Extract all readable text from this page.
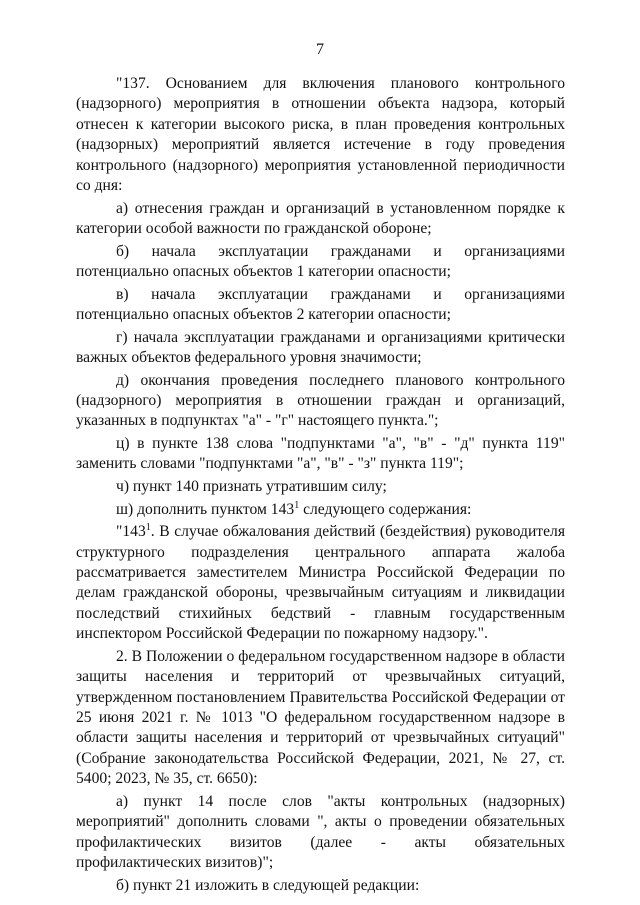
7

"137. Основанием для включения планового контрольного (надзорного) мероприятия в отношении объекта надзора, который отнесен к категории высокого риска, в план проведения контрольных (надзорных) мероприятий является истечение в году проведения контрольного (надзорного) мероприятия установленной периодичности со дня:

а) отнесения граждан и организаций в установленном порядке к категории особой важности по гражданской обороне;

б) начала эксплуатации гражданами и организациями потенциально опасных объектов 1 категории опасности;

в) начала эксплуатации гражданами и организациями потенциально опасных объектов 2 категории опасности;

г) начала эксплуатации гражданами и организациями критически важных объектов федерального уровня значимости;

д) окончания проведения последнего планового контрольного (надзорного) мероприятия в отношении граждан и организаций, указанных в подпунктах "а" - "г" настоящего пункта.";

ц) в пункте 138 слова "подпунктами "а", "в" - "д" пункта 119" заменить словами "подпунктами "а", "в" - "з" пункта 119";

ч) пункт 140 признать утратившим силу;

ш) дополнить пунктом $143^1$ следующего содержания:

"$143^1$. В случае обжалования действий (бездействия) руководителя структурного подразделения центрального аппарата жалоба рассматривается заместителем Министра Российской Федерации по делам гражданской обороны, чрезвычайным ситуациям и ликвидации последствий стихийных бедствий - главным государственным инспектором Российской Федерации по пожарному надзору.".

2. В Положении о федеральном государственном надзоре в области защиты населения и территорий от чрезвычайных ситуаций, утвержденном постановлением Правительства Российской Федерации от 25 июня 2021 г. № 1013 "О федеральном государственном надзоре в области защиты населения и территорий от чрезвычайных ситуаций" (Собрание законодательства Российской Федерации, 2021, № 27, ст. 5400; 2023, № 35, ст. 6650):

а) пункт 14 после слов "акты контрольных (надзорных) мероприятий" дополнить словами ", акты о проведении обязательных профилактических визитов (далее - акты обязательных профилактических визитов)";

б) пункт 21 изложить в следующей редакции:
